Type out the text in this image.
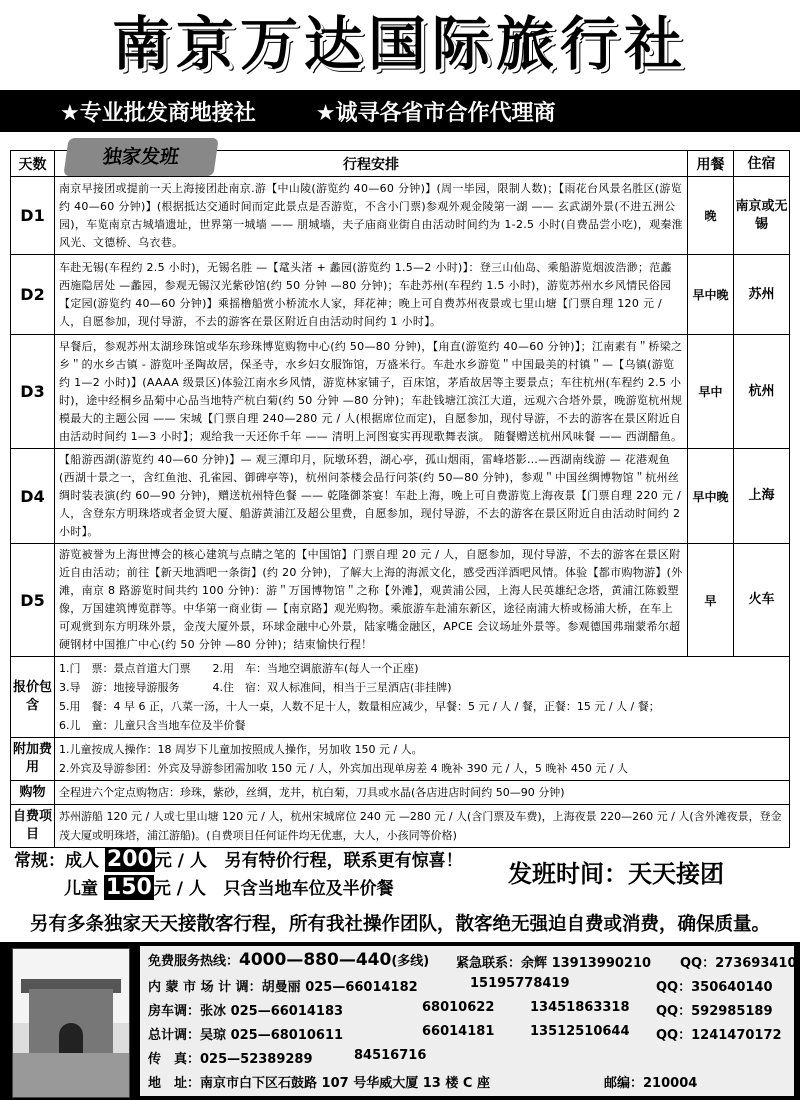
南京万达国际旅行社
★专业批发商地接社	★诚寻各省市合作代理商
天数	行程安排	用餐	住宿
D1	南京早接团或提前一天上海接团赴南京.游【中山陵(游览约 40—60 分钟)】(周一毕园，限制人数)；【雨花台风景名胜区(游览约 40—60 分钟)】(根据抵达交通时间而定此景点是否游览，不含小门票)参观外观金陵第一湖 —— 玄武湖外景(不进五洲公园)，车览南京古城墙遗址，世界第一城墙 —— 朋城墙，夫子庙商业街自由活动时间约为 1-2.5 小时(自费品尝小吃)，观秦淮风光、文德桥、乌衣巷。	晚	南京或无锡
D2	车赴无锡(车程约 2.5 小时)，无锡名胜 —【鼋头渚 + 蠡园(游览约 1.5—2 小时)】：登三山仙岛、乘船游览烟波浩渺；范蠡西施隐居处 —蠡园，参观无锡汉光紫砂馆(约 50 分钟 —80 分钟)；车赴苏州(车程约 1.5 小时)，游览苏州水乡风情民俗园【定园(游览约 40—60 分钟)】乘摇橹船赏小桥流水人家，拜花神；晚上可自费苏州夜景或七里山塘【门票自理 120 元 / 人，自愿参加，现付导游，不去的游客在景区附近自由活动时间约 1 小时】。	早中晚	苏州
D3	早餐后，参观苏州太湖珍珠馆或华东珍珠博览购物中心(约 50—80 分钟)，【甪直(游览约 40—60 分钟)】；江南素有＂桥梁之乡＂的水乡古镇 - 游览叶圣陶故居，保圣寺，水乡妇女服饰馆，万盛米行。车赴水乡游览＂中国最美的村镇＂—【乌镇(游览约 1—2 小时)】(AAAA 级景区)体验江南水乡风情，游览林家铺子，百床馆，茅盾故居等主要景点；车往杭州(车程约 2.5 小时)，途中经桐乡品菊中心品当地特产杭白菊(约 50 分钟 —80 分钟)；车赴钱塘江滨江大道，远观六合塔外景，晚游览杭州规模最大的主题公园 —— 宋城【门票自理 240—280 元 / 人(根据席位而定)，自愿参加，现付导游，不去的游客在景区附近自由活动时间约 1—3 小时】；观给我一天还你千年 —— 清明上河图宴实再现歌舞表演。 随餐赠送杭州风味餐 —— 西湖醋鱼。	早中	杭州
D4	【船游西湖(游览约 40—60 分钟)】— 观三潭印月，阮墩环碧，湖心亭，孤山烟雨，雷峰塔影…—西湖南线游 — 花港观鱼(西湖十景之一，含红鱼池、孔雀园、御碑亭等)，杭州问茶楼会品行问茶(约 50—80 分钟)，参观＂中国丝绸博物馆＂杭州丝绸时装表演(约 60—90 分钟)，赠送杭州特色餐 —— 乾隆御茶宴！车赴上海，晚上可自费游览上海夜景【门票自理 220 元 / 人，含登东方明珠塔或者金贸大厦、船游黄浦江及超公里费，自愿参加，现付导游，不去的游客在景区附近自由活动时间约 2 小时】。	早中晚	上海
D5	游览被誉为上海世博会的核心建筑与点睛之笔的【中国馆】门票自理 20 元 / 人，自愿参加，现付导游，不去的游客在景区附近自由活动；前往【新天地酒吧一条街】(约 20 分钟)，了解大上海的海派文化，感受西洋酒吧风情。体验【都市购物游】(外滩，南京 8 路游览时间共约 100 分钟)：游＂万国博物馆＂之称【外滩】，观黄浦公园，上海人民英雄纪念塔，黄浦江陈毅塑像，万国建筑博览群等。中华第一商业街 —【南京路】观光购物。乘旅游车赴浦东新区，途径南浦大桥或杨浦大桥，在车上可观赏到东方明珠外景，金茂大厦外景，环球金融中心外景，陆家嘴金融区，APCE 会议场址外景等。参观德国弗瑞蒙希尔超硬钢材中国推广中心(约 50 分钟 —80 分钟)；结束愉快行程！	早	火车
报价包含	1.门　票：景点首道大门票　　2.用　车：当地空调旅游车(每人一个正座)
3.导　游：地接导游服务　　　4.住　宿：双人标准间，相当于三星酒店(非挂牌)
5.用　餐：4 早 6 正，八菜一汤，十人一桌，人数不足十人，数量相应减少，早餐：5 元 / 人 / 餐，正餐：15 元 / 人 / 餐；
6.儿　童：儿童只含当地车位及半价餐		

附加费用	1.儿童按成人操作：18 周岁下儿童加按照成人操作，另加收 150 元 / 人。
2.外宾及导游参团：外宾及导游参团需加收 150 元 / 人，外宾加出现单房差 4 晚补 390 元 / 人，5 晚补 450 元 / 人		

购物	全程进六个定点购物店：珍珠，紫砂，丝绸，龙井，杭白菊，刀具或水晶(各店进店时间约 50—90 分钟)		
自费项目	苏州游船 120 元 / 人或七里山塘 120 元 / 人，杭州宋城席位 240 元 —280 元 / 人(含门票及车费)，上海夜景 220—260 元 / 人(含外滩夜景，登金茂大厦或明珠塔，浦江游船)。(自费项目任何证件均无优惠，大人，小孩同等价格)		
独家发班
常规：成人 200 元 / 人 另有特价行程，联系更有惊喜！
儿童 150 元 / 人 只含当地车位及半价餐
发班时间：天天接团
另有多条独家天天接散客行程，所有我社操作团队，散客绝无强迫自费或消费，确保质量。
免费服务热线：4000—880—440(多线) 紧急联系：余辉 13913990210 QQ：273693410
内 蒙 市 场 计 调：胡曼丽 025—66014182	15195778419	QQ：350640140
房车调：张冰 025—66014183	68010622	13451863318 QQ：592985189
总计调：吴琼 025—68010611	66014181	13512510644 QQ：1241470172
传　真：025—52389289	84516716
地　址：南京市白下区石鼓路 107 号华威大厦 13 楼 C 座	邮编：210004
